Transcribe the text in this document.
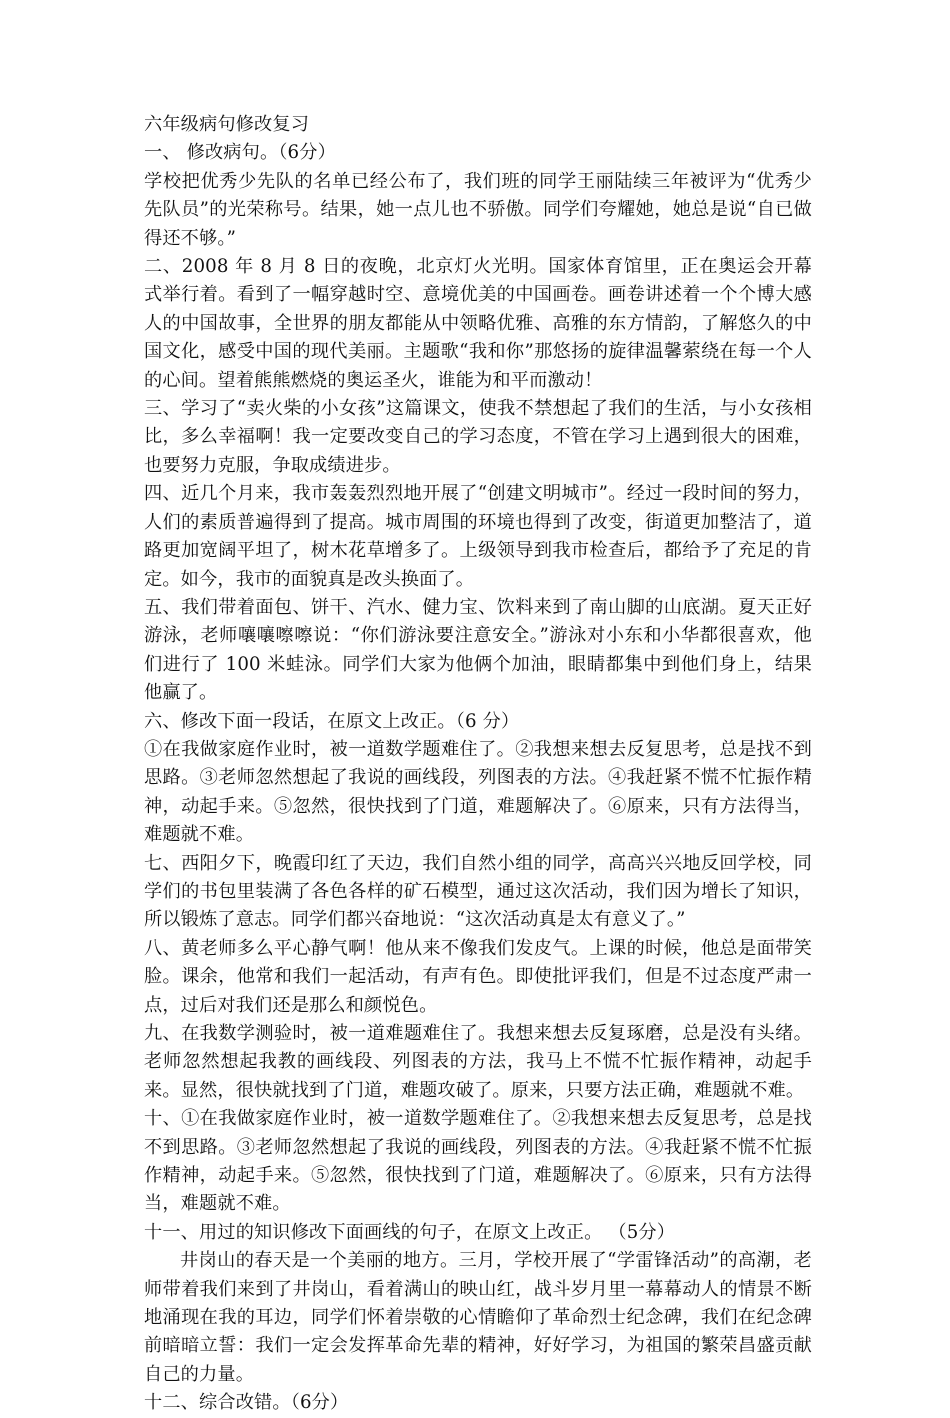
六年级病句修改复习

一、 修改病句。（6分）

学校把优秀少先队的名单已经公布了，我们班的同学王丽陆续三年被评为“优秀少先队员”的光荣称号。结果，她一点儿也不骄傲。同学们夸耀她，她总是说“自已做得还不够。”

二、2008 年 8 月 8 日的夜晚，北京灯火光明。国家体育馆里，正在奥运会开幕式举行着。看到了一幅穿越时空、意境优美的中国画卷。画卷讲述着一个个博大感人的中国故事，全世界的朋友都能从中领略优雅、高雅的东方情韵，了解悠久的中国文化，感受中国的现代美丽。主题歌“我和你”那悠扬的旋律温馨萦绕在每一个人的心间。望着熊熊燃烧的奥运圣火，谁能为和平而激动！

三、学习了“卖火柴的小女孩”这篇课文，使我不禁想起了我们的生活，与小女孩相比，多么幸福啊！我一定要改变自己的学习态度，不管在学习上遇到很大的困难，也要努力克服，争取成绩进步。

四、近几个月来，我市轰轰烈烈地开展了“创建文明城市”。经过一段时间的努力，人们的素质普遍得到了提高。城市周围的环境也得到了改变，街道更加整洁了，道路更加宽阔平坦了，树木花草增多了。上级领导到我市检查后，都给予了充足的肯定。如今，我市的面貌真是改头换面了。

五、我们带着面包、饼干、汽水、健力宝、饮料来到了南山脚的山底湖。夏天正好游泳，老师嚷嚷嚓嚓说：“你们游泳要注意安全。”游泳对小东和小华都很喜欢，他们进行了 100 米蛙泳。同学们大家为他俩个加油，眼睛都集中到他们身上，结果他赢了。

六、修改下面一段话，在原文上改正。（6 分）

①在我做家庭作业时，被一道数学题难住了。②我想来想去反复思考，总是找不到思路。③老师忽然想起了我说的画线段，列图表的方法。④我赶紧不慌不忙振作精神，动起手来。⑤忽然，很快找到了门道，难题解决了。⑥原来，只有方法得当，难题就不难。

七、西阳夕下，晚霞印红了天边，我们自然小组的同学，高高兴兴地反回学校，同学们的书包里装满了各色各样的矿石模型，通过这次活动，我们因为增长了知识，所以锻炼了意志。同学们都兴奋地说：“这次活动真是太有意义了。”

八、黄老师多么平心静气啊！他从来不像我们发皮气。上课的时候，他总是面带笑脸。课余，他常和我们一起活动，有声有色。即使批评我们，但是不过态度严肃一点，过后对我们还是那么和颜悦色。

九、在我数学测验时，被一道难题难住了。我想来想去反复琢磨，总是没有头绪。老师忽然想起我教的画线段、列图表的方法，我马上不慌不忙振作精神，动起手来。显然，很快就找到了门道，难题攻破了。原来，只要方法正确，难题就不难。

十、①在我做家庭作业时，被一道数学题难住了。②我想来想去反复思考，总是找不到思路。③老师忽然想起了我说的画线段，列图表的方法。④我赶紧不慌不忙振作精神，动起手来。⑤忽然，很快找到了门道，难题解决了。⑥原来，只有方法得当，难题就不难。

十一、用过的知识修改下面画线的句子，在原文上改正。 （5分）

井岗山的春天是一个美丽的地方。三月，学校开展了“学雷锋活动”的高潮，老师带着我们来到了井岗山，看着满山的映山红，战斗岁月里一幕幕动人的情景不断地涌现在我的耳边，同学们怀着崇敬的心情瞻仰了革命烈士纪念碑，我们在纪念碑前暗暗立誓：我们一定会发挥革命先辈的精神，好好学习，为祖国的繁荣昌盛贡献自己的力量。

十二、综合改错。（6分）
